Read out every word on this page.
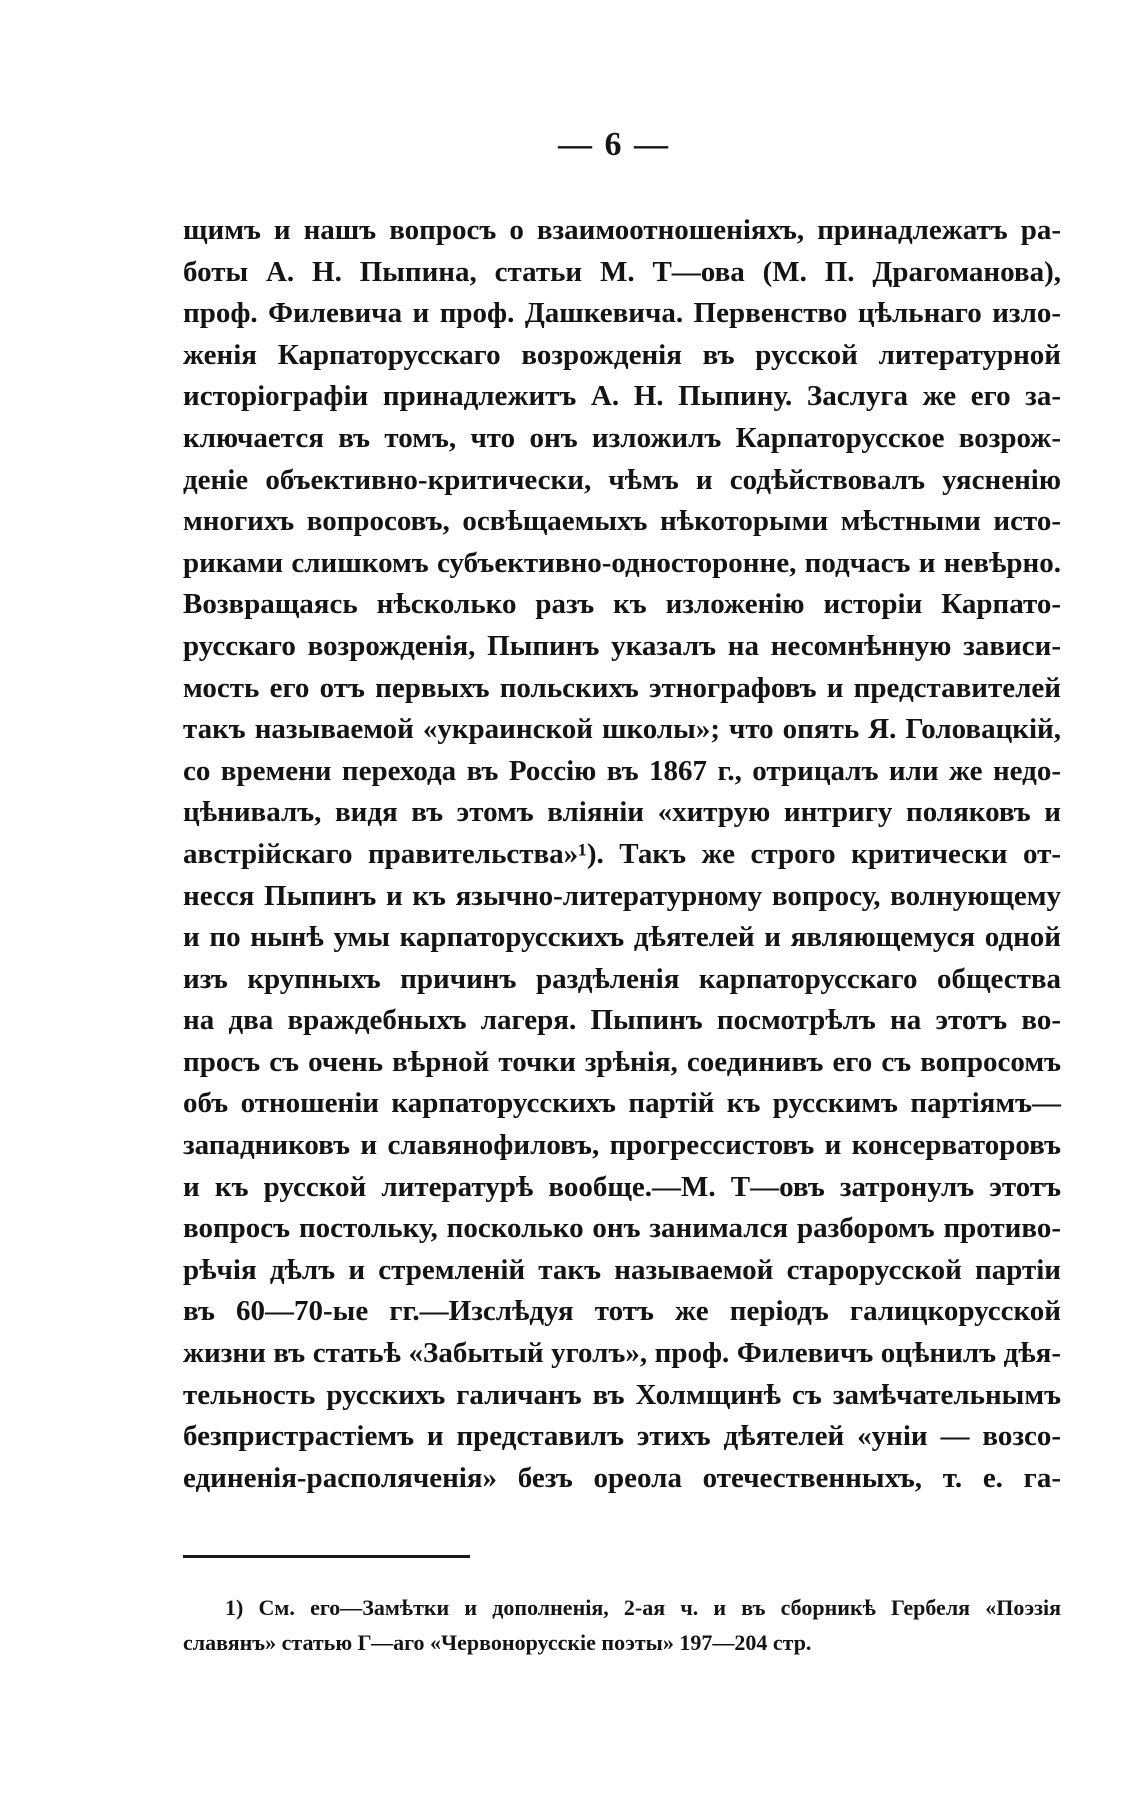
— 6 —
щимъ и нашъ вопросъ о взаимоотношеніяхъ, принадлежатъ ра-
боты А. Н. Пыпина, статьи М. Т—ова (М. П. Драгоманова),
проф. Филевича и проф. Дашкевича. Первенство цѣльнаго изло-
женія Карпаторусскаго возрожденія въ русской литературной
исторіографіи принадлежитъ А. Н. Пыпину. Заслуга же его за-
ключается въ томъ, что онъ изложилъ Карпаторусское возрож-
деніе объективно-критически, чѣмъ и содѣйствовалъ уясненію
многихъ вопросовъ, освѣщаемыхъ нѣкоторыми мѣстными исто-
риками слишкомъ субъективно-односторонне, подчасъ и невѣрно.
Возвращаясь нѣсколько разъ къ изложенію исторіи Карпато-
русскаго возрожденія, Пыпинъ указалъ на несомнѣнную зависи-
мость его отъ первыхъ польскихъ этнографовъ и представителей
такъ называемой «украинской школы»; что опять Я. Головацкій,
со времени перехода въ Россію въ 1867 г., отрицалъ или же недо-
цѣнивалъ, видя въ этомъ вліяніи «хитрую интригу поляковъ и
австрійскаго правительства»¹). Такъ же строго критически от-
несся Пыпинъ и къ язычно-литературному вопросу, волнующему
и по нынѣ умы карпаторусскихъ дѣятелей и являющемуся одной
изъ крупныхъ причинъ раздѣленія карпаторусскаго общества
на два враждебныхъ лагеря. Пыпинъ посмотрѣлъ на этотъ во-
просъ съ очень вѣрной точки зрѣнія, соединивъ его съ вопросомъ
объ отношеніи карпаторусскихъ партій къ русскимъ партіямъ—
западниковъ и славянофиловъ, прогрессистовъ и консерваторовъ
и къ русской литературѣ вообще.—М. Т—овъ затронулъ этотъ
вопросъ постольку, посколько онъ занимался разборомъ противо-
рѣчія дѣлъ и стремленій такъ называемой старорусской партіи
въ 60—70-ые гг.—Изслѣдуя тотъ же періодъ галицкорусской
жизни въ статьѣ «Забытый уголъ», проф. Филевичъ оцѣнилъ дѣя-
тельность русскихъ галичанъ въ Холмщинѣ съ замѣчательнымъ
безпристрастіемъ и представилъ этихъ дѣятелей «уніи — возсо-
единенія-располяченія» безъ ореола отечественныхъ, т. е. га-
1) См. его—Замѣтки и дополненія, 2-ая ч. и въ сборникѣ Гербеля «Поэзія
славянъ» статью Г—аго «Червонорусскіе поэты» 197—204 стр.
